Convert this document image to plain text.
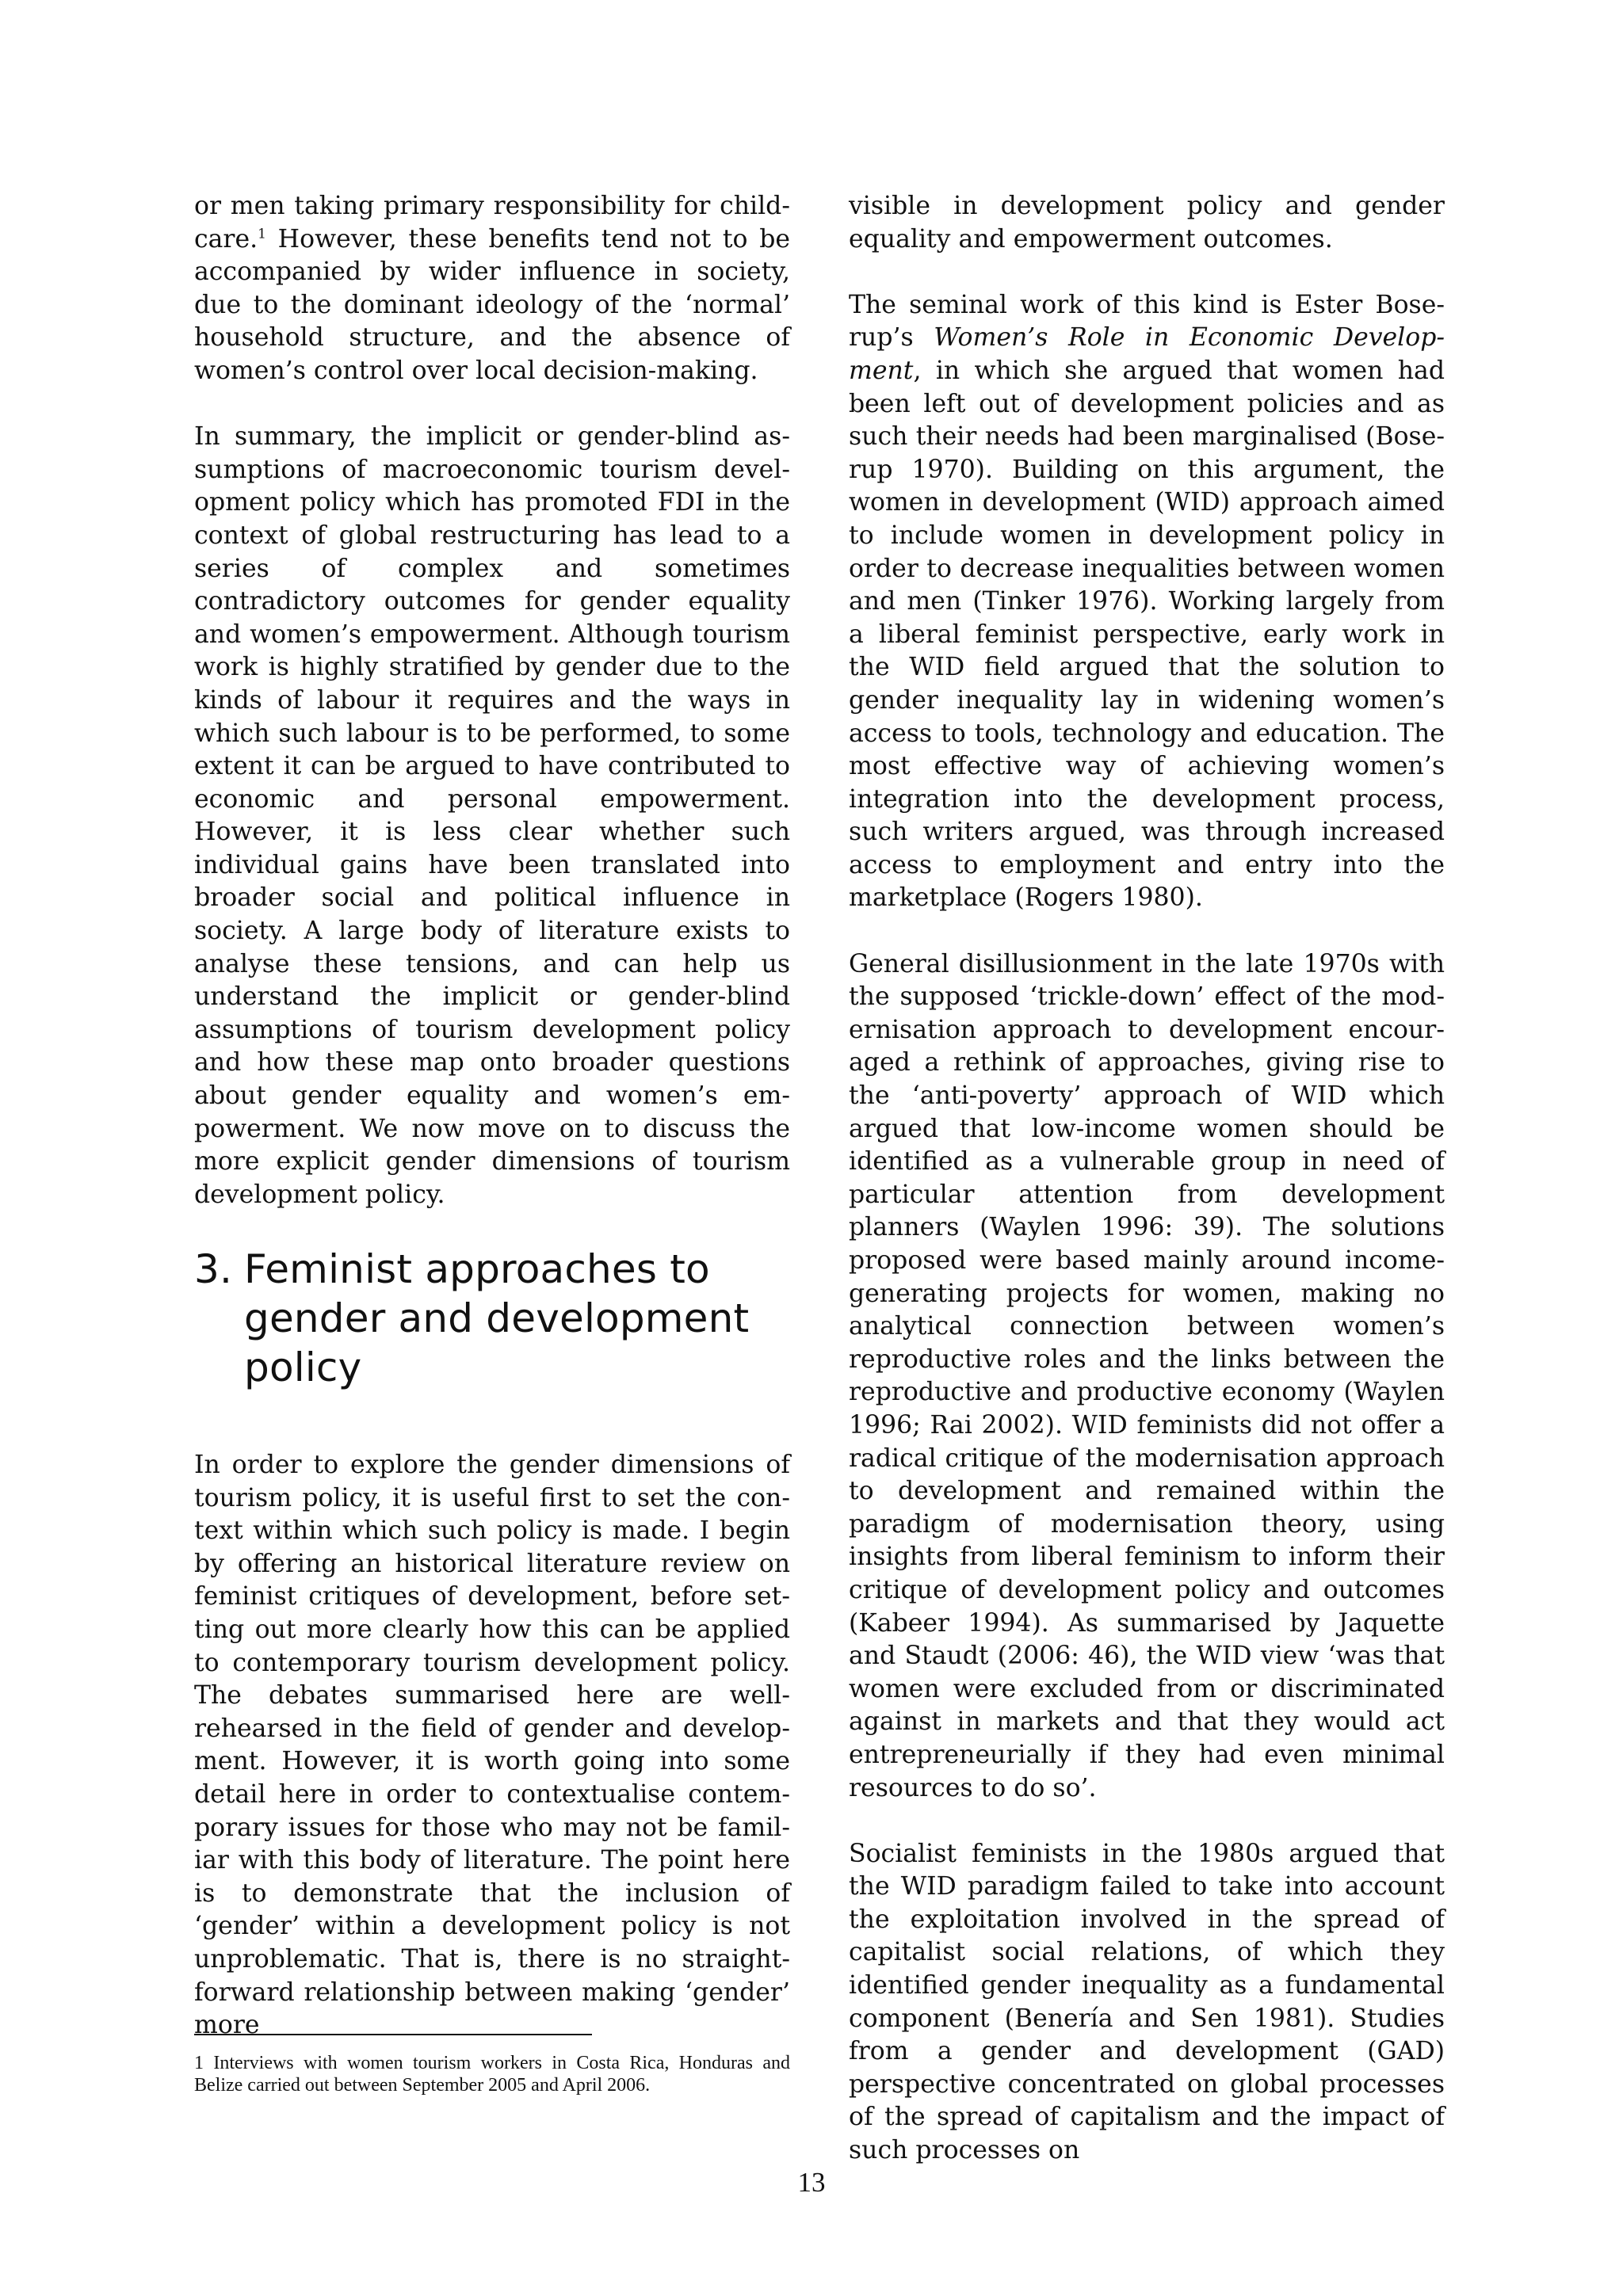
or men taking primary responsibility for childcare.$^1$ However, these benefits tend not to be accompanied by wider influence in society, due to the dominant ideology of the ‘normal’ household structure, and the absence of women’s control over local decision-making.

In summary, the implicit or gender-blind assumptions of macroeconomic tourism development policy which has promoted FDI in the context of global restructuring has lead to a series of complex and sometimes contradictory outcomes for gender equality and women’s empowerment. Although tourism work is highly stratified by gender due to the kinds of labour it requires and the ways in which such labour is to be performed, to some extent it can be argued to have contributed to economic and personal empowerment. However, it is less clear whether such individual gains have been translated into broader social and political influence in society. A large body of literature exists to analyse these tensions, and can help us understand the implicit or gender-blind assumptions of tourism development policy and how these map onto broader questions about gender equality and women’s empowerment. We now move on to discuss the more explicit gender dimensions of tourism development policy.

3. Feminist approaches to gender and development policy

In order to explore the gender dimensions of tourism policy, it is useful first to set the context within which such policy is made. I begin by offering an historical literature review on feminist critiques of development, before setting out more clearly how this can be applied to contemporary tourism development policy. The debates summarised here are well-rehearsed in the field of gender and development. However, it is worth going into some detail here in order to contextualise contemporary issues for those who may not be familiar with this body of literature. The point here is to demonstrate that the inclusion of ‘gender’ within a development policy is not unproblematic. That is, there is no straight-forward relationship between making ‘gender’ more

visible in development policy and gender equality and empowerment outcomes.

The seminal work of this kind is Ester Boserup’s Women’s Role in Economic Development, in which she argued that women had been left out of development policies and as such their needs had been marginalised (Boserup 1970). Building on this argument, the women in development (WID) approach aimed to include women in development policy in order to decrease inequalities between women and men (Tinker 1976). Working largely from a liberal feminist perspective, early work in the WID field argued that the solution to gender inequality lay in widening women’s access to tools, technology and education. The most effective way of achieving women’s integration into the development process, such writers argued, was through increased access to employment and entry into the marketplace (Rogers 1980).

General disillusionment in the late 1970s with the supposed ‘trickle-down’ effect of the modernisation approach to development encouraged a rethink of approaches, giving rise to the ‘anti-poverty’ approach of WID which argued that low-income women should be identified as a vulnerable group in need of particular attention from development planners (Waylen 1996: 39). The solutions proposed were based mainly around income-generating projects for women, making no analytical connection between women’s reproductive roles and the links between the reproductive and productive economy (Waylen 1996; Rai 2002). WID feminists did not offer a radical critique of the modernisation approach to development and remained within the paradigm of modernisation theory, using insights from liberal feminism to inform their critique of development policy and outcomes (Kabeer 1994). As summarised by Jaquette and Staudt (2006: 46), the WID view ‘was that women were excluded from or discriminated against in markets and that they would act entrepreneurially if they had even minimal resources to do so’.

Socialist feminists in the 1980s argued that the WID paradigm failed to take into account the exploitation involved in the spread of capitalist social relations, of which they identified gender inequality as a fundamental component (Benería and Sen 1981). Studies from a gender and development (GAD) perspective concentrated on global processes of the spread of capitalism and the impact of such processes on

1 Interviews with women tourism workers in Costa Rica, Honduras and Belize carried out between September 2005 and April 2006.
13
